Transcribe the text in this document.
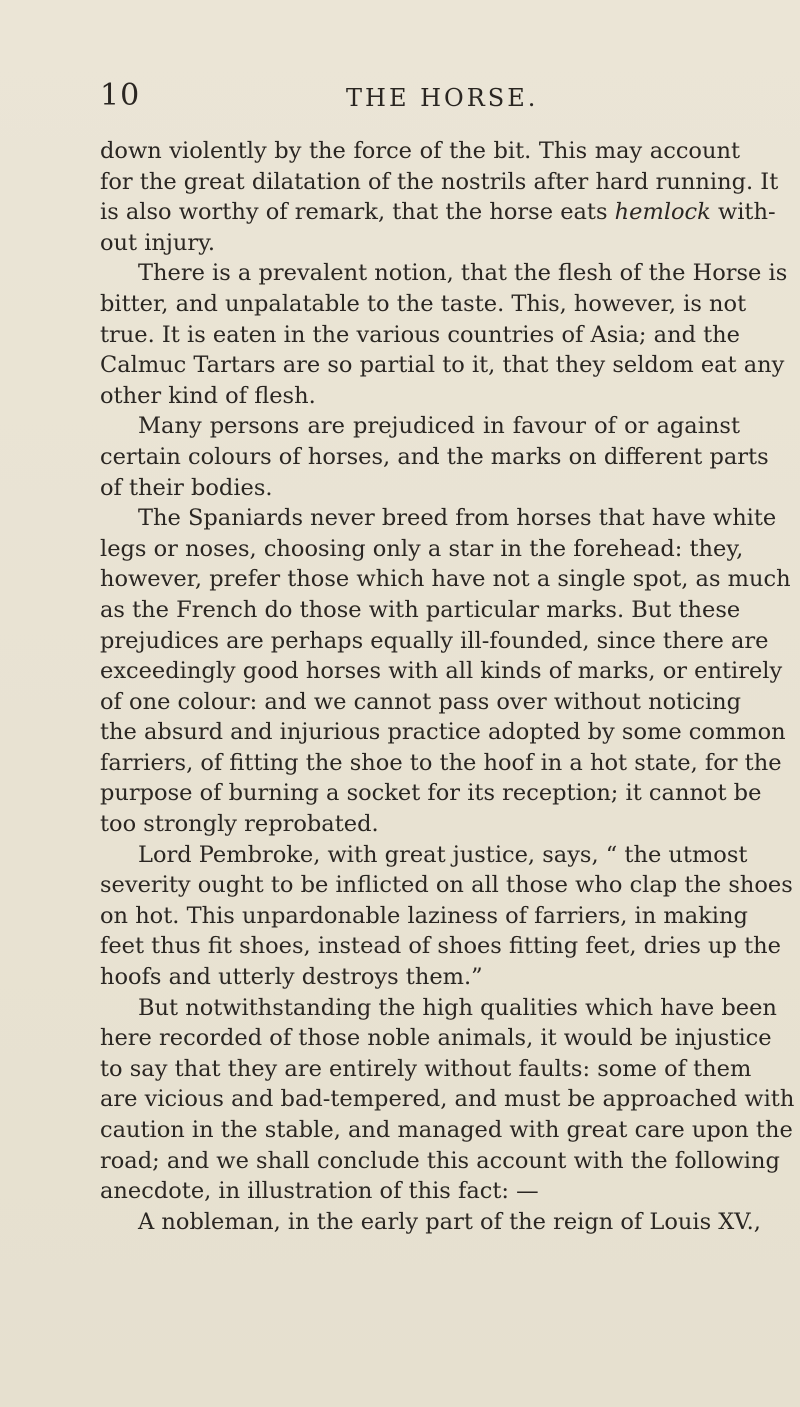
10	THE HORSE.
down violently by the force of the bit. This may account
for the great dilatation of the nostrils after hard running. It
is also worthy of remark, that the horse eats hemlock with-
out injury.
There is a prevalent notion, that the flesh of the Horse is
bitter, and unpalatable to the taste. This, however, is not
true. It is eaten in the various countries of Asia; and the
Calmuc Tartars are so partial to it, that they seldom eat any
other kind of flesh.
Many persons are prejudiced in favour of or against
certain colours of horses, and the marks on different parts
of their bodies.
The Spaniards never breed from horses that have white
legs or noses, choosing only a star in the forehead: they,
however, prefer those which have not a single spot, as much
as the French do those with particular marks. But these
prejudices are perhaps equally ill-founded, since there are
exceedingly good horses with all kinds of marks, or entirely
of one colour: and we cannot pass over without noticing
the absurd and injurious practice adopted by some common
farriers, of fitting the shoe to the hoof in a hot state, for the
purpose of burning a socket for its reception; it cannot be
too strongly reprobated.
Lord Pembroke, with great justice, says, “ the utmost
severity ought to be inflicted on all those who clap the shoes
on hot. This unpardonable laziness of farriers, in making
feet thus fit shoes, instead of shoes fitting feet, dries up the
hoofs and utterly destroys them.”
But notwithstanding the high qualities which have been
here recorded of those noble animals, it would be injustice
to say that they are entirely without faults: some of them
are vicious and bad-tempered, and must be approached with
caution in the stable, and managed with great care upon the
road; and we shall conclude this account with the following
anecdote, in illustration of this fact: —
A nobleman, in the early part of the reign of Louis XV.,
